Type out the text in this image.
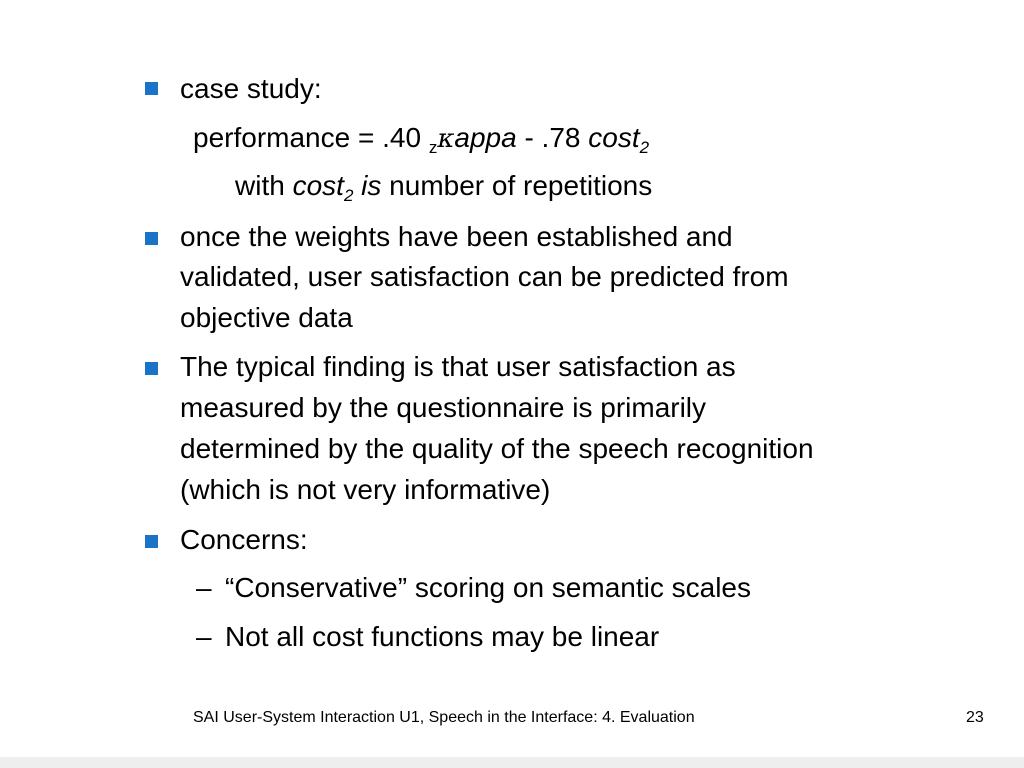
case study:
performance = .40 $_z$κappa - .78 cost$_2$
with cost$_2$ is number of repetitions
once the weights have been established and
validated, user satisfaction can be predicted from
objective data
The typical finding is that user satisfaction as
measured by the questionnaire is primarily
determined by the quality of the speech recognition
(which is not very informative)
Concerns:
– “Conservative” scoring on semantic scales
– Not all cost functions may be linear
SAI User-System Interaction U1, Speech in the Interface: 4. Evaluation	23
